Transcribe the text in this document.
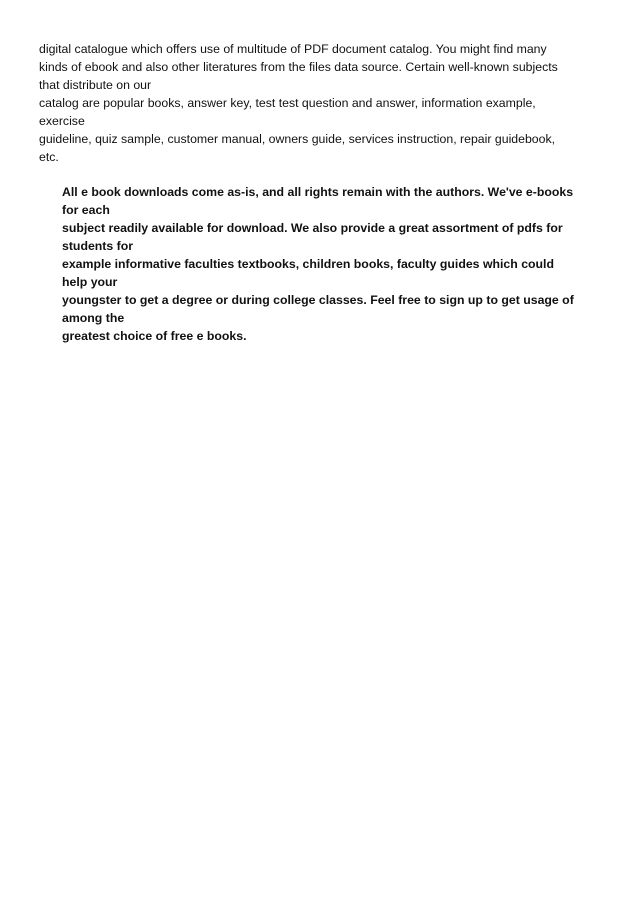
digital catalogue which offers use of multitude of PDF document catalog. You might find many
kinds of ebook and also other literatures from the files data source. Certain well-known subjects
that distribute on our
catalog are popular books, answer key, test test question and answer, information example,
exercise
guideline, quiz sample, customer manual, owners guide, services instruction, repair guidebook,
etc.
All e book downloads come as-is, and all rights remain with the authors. We've e-books
for each
subject readily available for download. We also provide a great assortment of pdfs for
students for
example informative faculties textbooks, children books, faculty guides which could
help your
youngster to get a degree or during college classes. Feel free to sign up to get usage of
among the
greatest choice of free e books.
